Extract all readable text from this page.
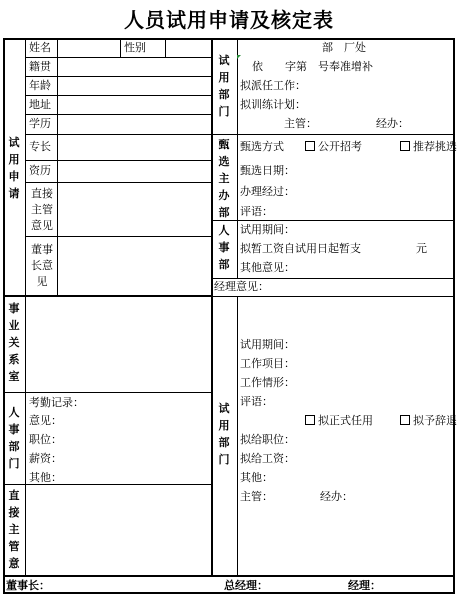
人员试用申请及核定表
试用申请
姓名	性别
籍贯
年龄
地址
学历
专长
资历
直接主管意见
董事长意见
事业关系室
人事部门
直接主管意
考勤记录：
意见：
职位：
薪资：
其他：
试用部门
部　厂处
依　　字第　号奉准增补
拟派任工作：
拟训练计划：
主管：	经办：
甄选主办部
甄选方式	公开招考	推荐挑选
甄选日期：
办理经过：
评语：
人事部
试用期间：
拟暂工资自试用日起暂支	元
其他意见：
经理意见：
试用部门
试用期间：
工作项目：
工作情形：
评语：
拟正式任用	拟予辞退
拟给职位：
拟给工资：
其他：
主管：	经办：
董事长：	总经理：	经理：
